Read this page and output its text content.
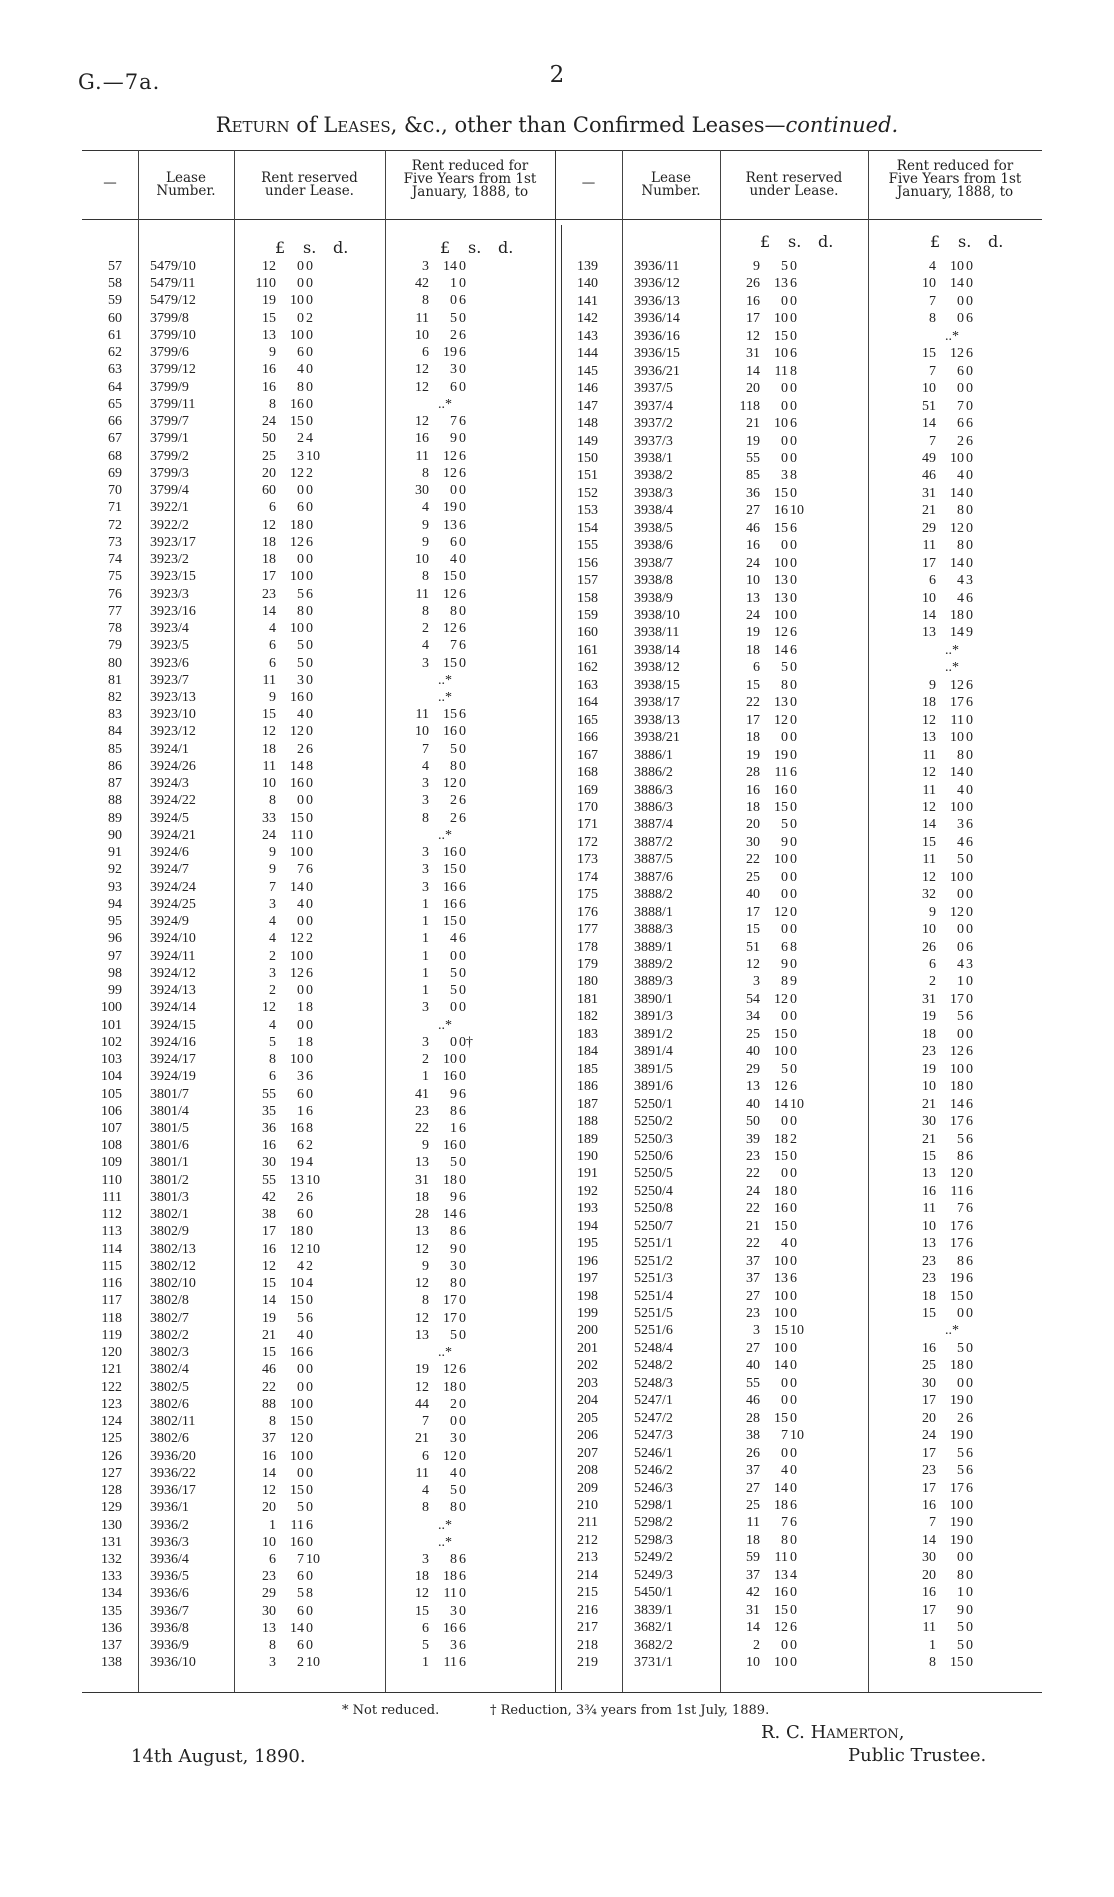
G.—7a.	2
Return of Leases, &c., other than Confirmed Leases—continued.
—	Lease Number.
Rent reserved under Lease.
Rent reduced for Five Years from 1st January, 1888, to
—	Lease Number.
Rent reserved under Lease.
Rent reduced for Five Years from 1st January, 1888, to
£ s. d.	£ s. d.	£ s. d.	£ s. d.
57 5479/10	12	0 0	3	14 0
58 5479/11	110	0 0	42	1 0
59 5479/12	19	10 0	8	0 6
60 3799/8	15	0 2	11	5 0
61 3799/10	13	10 0	10	2 6
62 3799/6	9	6 0	6	19 6
63 3799/12	16	4 0	12	3 0
64 3799/9	16	8 0	12	6 0
65 3799/11	8	16 0	..*
66 3799/7	24	15 0	12	7 6
67 3799/1	50	2 4	16	9 0
68 3799/2	25	3 10	11	12 6
69 3799/3	20	12 2	8	12 6
70 3799/4	60	0 0	30	0 0
71 3922/1	6	6 0	4	19 0
72 3922/2	12	18 0	9	13 6
73 3923/17	18	12 6	9	6 0
74 3923/2	18	0 0	10	4 0
75 3923/15	17	10 0	8	15 0
76 3923/3	23	5 6	11	12 6
77 3923/16	14	8 0	8	8 0
78 3923/4	4	10 0	2	12 6
79 3923/5	6	5 0	4	7 6
80 3923/6	6	5 0	3	15 0
81 3923/7	11	3 0	..*
82 3923/13	9	16 0	..*
83 3923/10	15	4 0	11	15 6
84 3923/12	12	12 0	10	16 0
85 3924/1	18	2 6	7	5 0
86 3924/26	11	14 8	4	8 0
87 3924/3	10	16 0	3	12 0
88 3924/22	8	0 0	3	2 6
89 3924/5	33	15 0	8	2 6
90 3924/21	24	11 0	..*
91 3924/6	9	10 0	3	16 0
92 3924/7	9	7 6	3	15 0
93 3924/24	7	14 0	3	16 6
94 3924/25	3	4 0	1	16 6
95 3924/9	4	0 0	1	15 0
96 3924/10	4	12 2	1	4 6
97 3924/11	2	10 0	1	0 0
98 3924/12	3	12 6	1	5 0
99 3924/13	2	0 0	1	5 0
100 3924/14	12	1 8	3	0 0
101 3924/15	4	0 0	..*
102 3924/16	5	1 8	3	0 0†
103 3924/17	8	10 0	2	10 0
104 3924/19	6	3 6	1	16 0
105 3801/7	55	6 0	41	9 6
106 3801/4	35	1 6	23	8 6
107 3801/5	36	16 8	22	1 6
108 3801/6	16	6 2	9	16 0
109 3801/1	30	19 4	13	5 0
110 3801/2	55	13 10	31	18 0
111 3801/3	42	2 6	18	9 6
112 3802/1	38	6 0	28	14 6
113 3802/9	17	18 0	13	8 6
114 3802/13	16	12 10	12	9 0
115 3802/12	12	4 2	9	3 0
116 3802/10	15	10 4	12	8 0
117 3802/8	14	15 0	8	17 0
118 3802/7	19	5 6	12	17 0
119 3802/2	21	4 0	13	5 0
120 3802/3	15	16 6	..*
121 3802/4	46	0 0	19	12 6
122 3802/5	22	0 0	12	18 0
123 3802/6	88	10 0	44	2 0
124 3802/11	8	15 0	7	0 0
125 3802/6	37	12 0	21	3 0
126 3936/20	16	10 0	6	12 0
127 3936/22	14	0 0	11	4 0
128 3936/17	12	15 0	4	5 0
129 3936/1	20	5 0	8	8 0
130 3936/2	1	11 6	..*
131 3936/3	10	16 0	..*
132 3936/4	6	7 10	3	8 6
133 3936/5	23	6 0	18	18 6
134 3936/6	29	5 8	12	11 0
135 3936/7	30	6 0	15	3 0
136 3936/8	13	14 0	6	16 6
137 3936/9	8	6 0	5	3 6
138 3936/10	3	2 10	1	11 6
139	3936/11	9	5 0	4	10 0
140	3936/12	26	13 6	10	14 0
141	3936/13	16	0 0	7	0 0
142	3936/14	17	10 0	8	0 6
143	3936/16	12	15 0	..*
144	3936/15	31	10 6	15	12 6
145	3936/21	14	11 8	7	6 0
146	3937/5	20	0 0	10	0 0
147	3937/4	118	0 0	51	7 0
148	3937/2	21	10 6	14	6 6
149	3937/3	19	0 0	7	2 6
150	3938/1	55	0 0	49	10 0
151	3938/2	85	3 8	46	4 0
152	3938/3	36	15 0	31	14 0
153	3938/4	27	16 10	21	8 0
154	3938/5	46	15 6	29	12 0
155	3938/6	16	0 0	11	8 0
156	3938/7	24	10 0	17	14 0
157	3938/8	10	13 0	6	4 3
158	3938/9	13	13 0	10	4 6
159	3938/10	24	10 0	14	18 0
160	3938/11	19	12 6	13	14 9
161	3938/14	18	14 6	..*
162	3938/12	6	5 0	..*
163	3938/15	15	8 0	9	12 6
164	3938/17	22	13 0	18	17 6
165	3938/13	17	12 0	12	11 0
166	3938/21	18	0 0	13	10 0
167	3886/1	19	19 0	11	8 0
168	3886/2	28	11 6	12	14 0
169	3886/3	16	16 0	11	4 0
170	3886/3	18	15 0	12	10 0
171	3887/4	20	5 0	14	3 6
172	3887/2	30	9 0	15	4 6
173	3887/5	22	10 0	11	5 0
174	3887/6	25	0 0	12	10 0
175	3888/2	40	0 0	32	0 0
176	3888/1	17	12 0	9	12 0
177	3888/3	15	0 0	10	0 0
178	3889/1	51	6 8	26	0 6
179	3889/2	12	9 0	6	4 3
180	3889/3	3	8 9	2	1 0
181	3890/1	54	12 0	31	17 0
182	3891/3	34	0 0	19	5 6
183	3891/2	25	15 0	18	0 0
184	3891/4	40	10 0	23	12 6
185	3891/5	29	5 0	19	10 0
186	3891/6	13	12 6	10	18 0
187	5250/1	40	14 10	21	14 6
188	5250/2	50	0 0	30	17 6
189	5250/3	39	18 2	21	5 6
190	5250/6	23	15 0	15	8 6
191	5250/5	22	0 0	13	12 0
192	5250/4	24	18 0	16	11 6
193	5250/8	22	16 0	11	7 6
194	5250/7	21	15 0	10	17 6
195	5251/1	22	4 0	13	17 6
196	5251/2	37	10 0	23	8 6
197	5251/3	37	13 6	23	19 6
198	5251/4	27	10 0	18	15 0
199	5251/5	23	10 0	15	0 0
200	5251/6	3	15 10	..*
201	5248/4	27	10 0	16	5 0
202	5248/2	40	14 0	25	18 0
203	5248/3	55	0 0	30	0 0
204	5247/1	46	0 0	17	19 0
205	5247/2	28	15 0	20	2 6
206	5247/3	38	7 10	24	19 0
207	5246/1	26	0 0	17	5 6
208	5246/2	37	4 0	23	5 6
209	5246/3	27	14 0	17	17 6
210	5298/1	25	18 6	16	10 0
211	5298/2	11	7 6	7	19 0
212	5298/3	18	8 0	14	19 0
213	5249/2	59	11 0	30	0 0
214	5249/3	37	13 4	20	8 0
215	5450/1	42	16 0	16	1 0
216	3839/1	31	15 0	17	9 0
217	3682/1	14	12 6	11	5 0
218	3682/2	2	0 0	1	5 0
219	3731/1	10	10 0	8	15 0
* Not reduced.	† Reduction, 3¾ years from 1st July, 1889.
R. C. Hamerton,
Public Trustee.
14th August, 1890.
